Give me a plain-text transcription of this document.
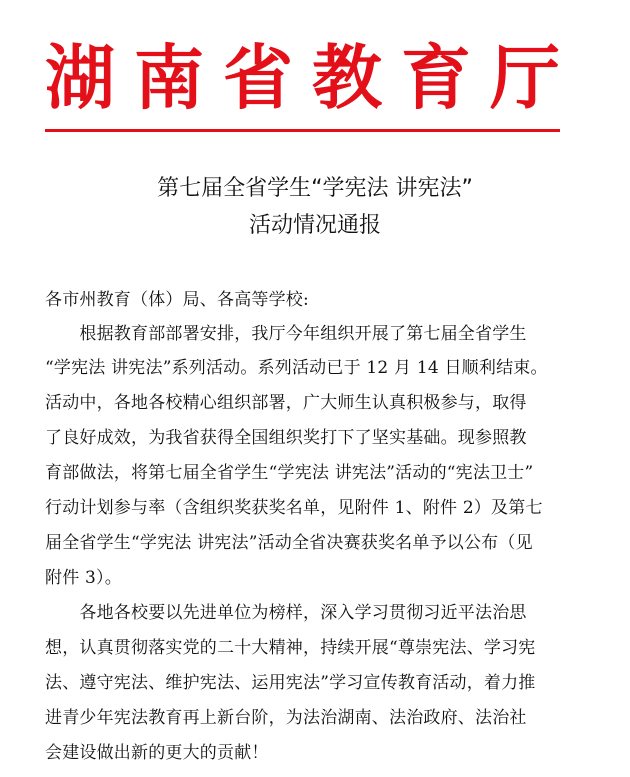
湖 南 省 教 育 厅
第七届全省学生“学宪法 讲宪法”
活动情况通报
各市州教育（体）局、各高等学校:
　　根据教育部部署安排，我厅今年组织开展了第七届全省学生
“学宪法 讲宪法”系列活动。系列活动已于 12 月 14 日顺利结束。
活动中，各地各校精心组织部署，广大师生认真积极参与，取得
了良好成效，为我省获得全国组织奖打下了坚实基础。现参照教
育部做法，将第七届全省学生“学宪法 讲宪法”活动的“宪法卫士”
行动计划参与率（含组织奖获奖名单，见附件 1、附件 2）及第七
届全省学生“学宪法 讲宪法”活动全省决赛获奖名单予以公布（见
附件 3）。
　　各地各校要以先进单位为榜样，深入学习贯彻习近平法治思
想，认真贯彻落实党的二十大精神，持续开展“尊崇宪法、学习宪
法、遵守宪法、维护宪法、运用宪法”学习宣传教育活动，着力推
进青少年宪法教育再上新台阶，为法治湖南、法治政府、法治社
会建设做出新的更大的贡献！
